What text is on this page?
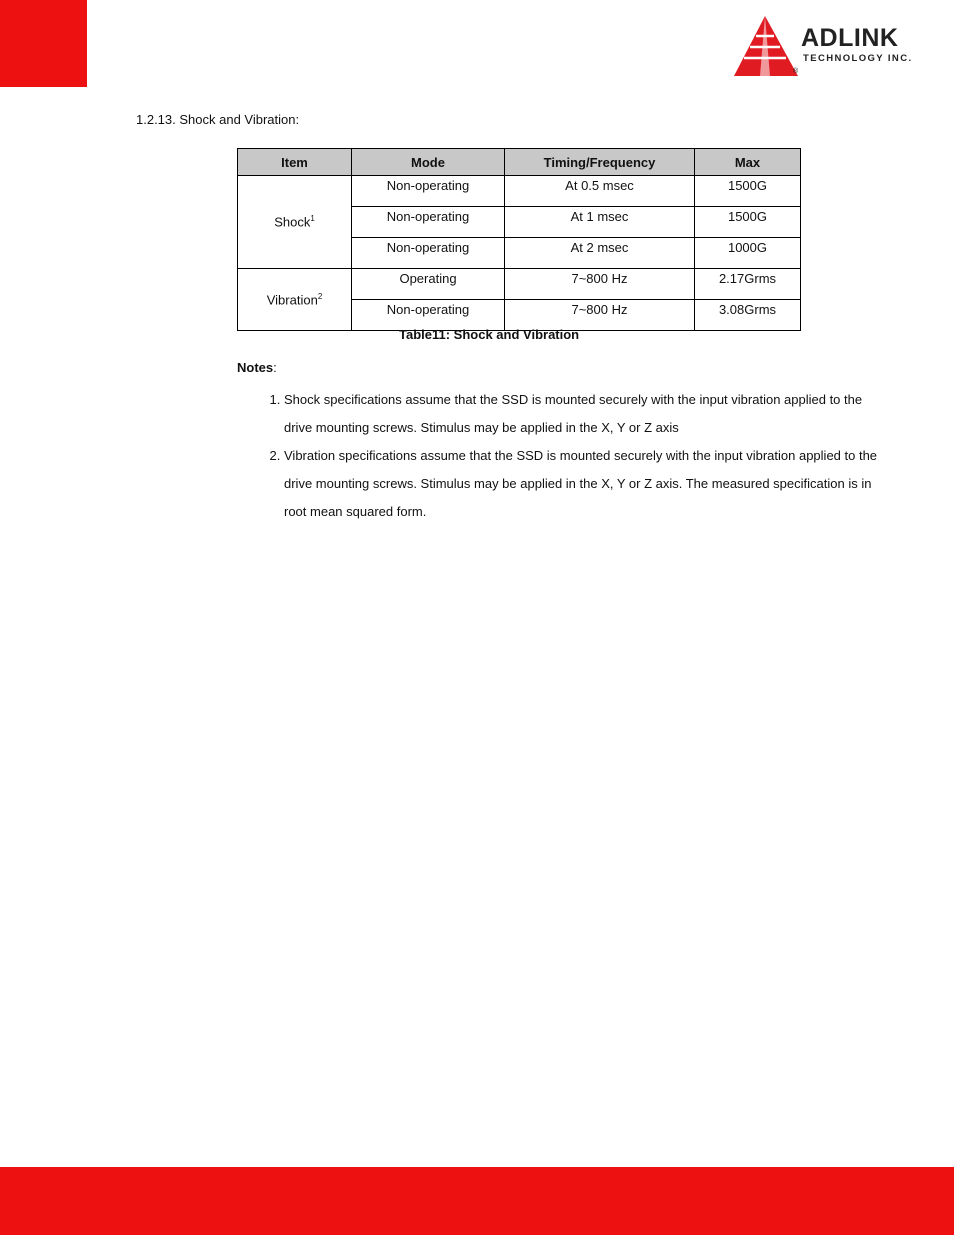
ADLINK
TECHNOLOGY INC.
®
1.2.13. Shock and Vibration:
Item	Mode	Timing/Frequency	Max
Shock$^1$	Non-operating	At 0.5 msec	1500G
	Non-operating	At 1 msec	1500G
	Non-operating	At 2 msec	1000G
Vibration$^2$	Operating	7~800 Hz	2.17Grms
	Non-operating	7~800 Hz	3.08Grms
Table11: Shock and Vibration
Notes:
1. Shock specifications assume that the SSD is mounted securely with the input vibration applied to the drive mounting screws. Stimulus may be applied in the X, Y or Z axis
2. Vibration specifications assume that the SSD is mounted securely with the input vibration applied to the drive mounting screws. Stimulus may be applied in the X, Y or Z axis. The measured specification is in root mean squared form.
